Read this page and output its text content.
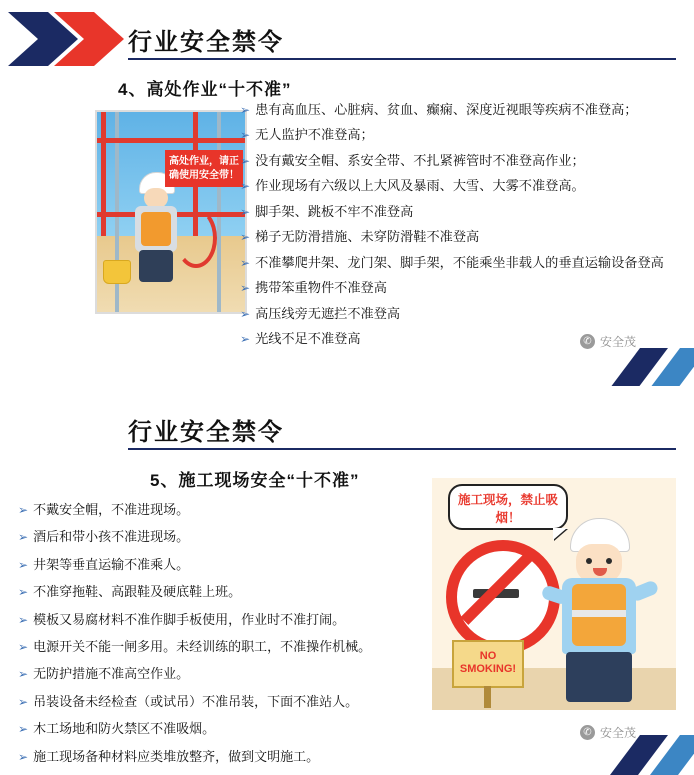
行业安全禁令
4、高处作业“十不准”
高处作业，请正确使用安全带！
➢ 患有高血压、心脏病、贫血、癫痫、深度近视眼等疾病不准登高；
➢ 无人监护不准登高；
➢ 没有戴安全帽、系安全带、不扎紧裤管时不准登高作业；
➢ 作业现场有六级以上大风及暴雨、大雪、大雾不准登高。
➢ 脚手架、跳板不牢不准登高
➢ 梯子无防滑措施、未穿防滑鞋不准登高
➢ 不准攀爬井架、龙门架、脚手架，不能乘坐非载人的垂直运输设备登高
➢ 携带笨重物件不准登高
➢ 高压线旁无遮拦不准登高
➢ 光线不足不准登高	✆ 安全茂
行业安全禁令
5、施工现场安全“十不准”
➢ 不戴安全帽，不准进现场。
➢ 酒后和带小孩不准进现场。
➢ 井架等垂直运输不准乘人。
➢ 不准穿拖鞋、高跟鞋及硬底鞋上班。
➢ 模板又易腐材料不准作脚手板使用，作业时不准打闹。
➢ 电源开关不能一闸多用。未经训练的职工，不准操作机械。
➢ 无防护措施不准高空作业。
➢ 吊装设备未经检查（或试吊）不准吊装，下面不准站人。
➢ 木工场地和防火禁区不准吸烟。
➢ 施工现场备种材料应类堆放整齐，做到文明施工。
施工现场，禁止吸烟！
NO SMOKING!
✆ 安全茂
